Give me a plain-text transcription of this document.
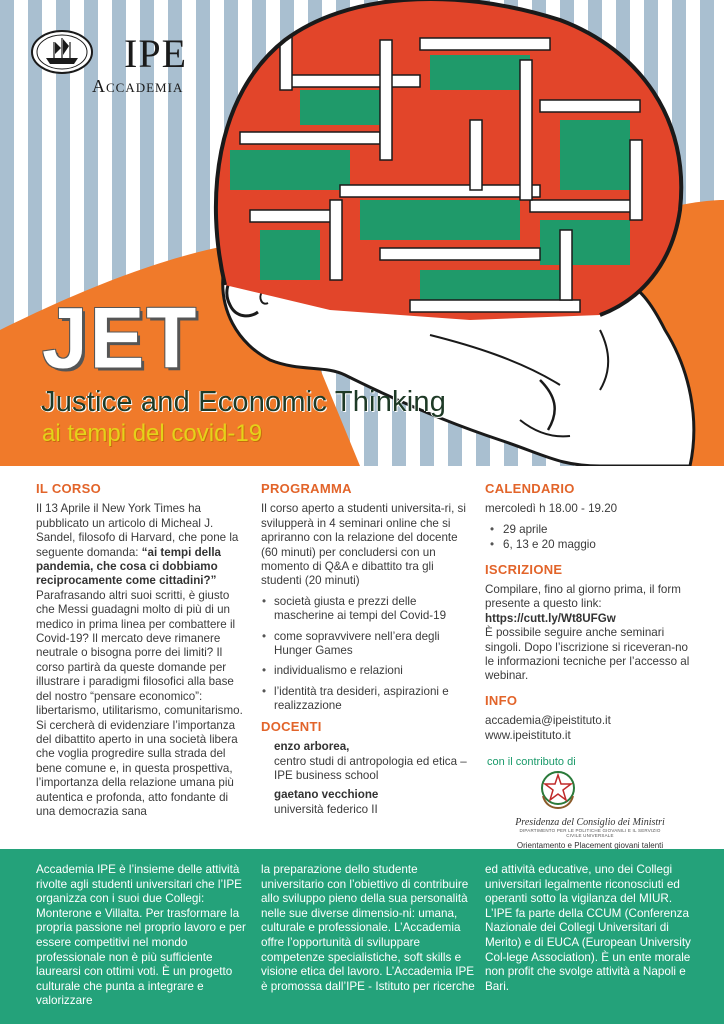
IPE
Accademia
JET
Justice and Economic Thinking
ai tempi del covid-19
IL CORSO

Il 13 Aprile il New York Times ha pubblicato un articolo di Micheal J. Sandel, filosofo di Harvard, che pone la seguente domanda: “ai tempi della pandemia, che cosa ci dobbiamo reciprocamente come cittadini?”

Parafrasando altri suoi scritti, è giusto che Messi guadagni molto di più di un medico in prima linea per combattere il Covid-19? Il mercato deve rimanere neutrale o bisogna porre dei limiti? Il corso partirà da queste domande per illustrare i paradigmi filosofici alla base del nostro “pensare economico”: libertarismo, utilitarismo, comunitarismo. Si cercherà di evidenziare l’importanza del dibattito aperto in una società libera che voglia progredire sulla strada del bene comune e, in questa prospettiva, l’importanza della relazione umana più autentica e profonda, atto fondante di una democrazia sana

PROGRAMMA

Il corso aperto a studenti universita-ri, si svilupperà in 4 seminari online che si apriranno con la relazione del docente (60 minuti) per concludersi con un momento di Q&A e dibattito tra gli studenti (20 minuti)

• società giusta e prezzi delle mascherine ai tempi del Covid-19
• come sopravvivere nell’era degli Hunger Games
• individualismo e relazioni
• l’identità tra desideri, aspirazioni e realizzazione
DOCENTI
enzo arborea,
centro studi di antropologia ed etica – IPE business school
gaetano vecchione
università federico II
CALENDARIO
mercoledì h 18.00 - 19.20
• 29 aprile
• 6, 13 e 20 maggio
ISCRIZIONE

Compilare, fino al giorno prima, il form presente a questo link:

https://cutt.ly/Wt8UFGw

È possibile seguire anche seminari singoli. Dopo l’iscrizione si riceveran-no le informazioni tecniche per l’accesso al webinar.

INFO
accademia@ipeistituto.it
www.ipeistituto.it
con il contributo di
Presidenza del Consiglio dei Ministri
DIPARTIMENTO PER LE POLITICHE GIOVANILI E IL SERVIZIO CIVILE UNIVERSALE
Orientamento e Placement giovani talenti

Accademia IPE è l’insieme delle attività rivolte agli studenti universitari che l’IPE organizza con i suoi due Collegi: Monterone e Villalta. Per trasformare la propria passione nel proprio lavoro e per essere competitivi nel mondo professionale non è più sufficiente laurearsi con ottimi voti. È un progetto culturale che punta a integrare e valorizzare

la preparazione dello studente universitario con l’obiettivo di contribuire allo sviluppo pieno della sua personalità nelle sue diverse dimensio-ni: umana, culturale e professionale. L’Accademia offre l’opportunità di sviluppare competenze specialistiche, soft skills e visione etica del lavoro. L’Accademia IPE è promossa dall’IPE - Istituto per ricerche

ed attività educative, uno dei Collegi universitari legalmente riconosciuti ed operanti sotto la vigilanza del MIUR. L’IPE fa parte della CCUM (Conferenza Nazionale dei Collegi Universitari di Merito) e di EUCA (European University Col-lege Association). È un ente morale non profit che svolge attività a Napoli e Bari.
